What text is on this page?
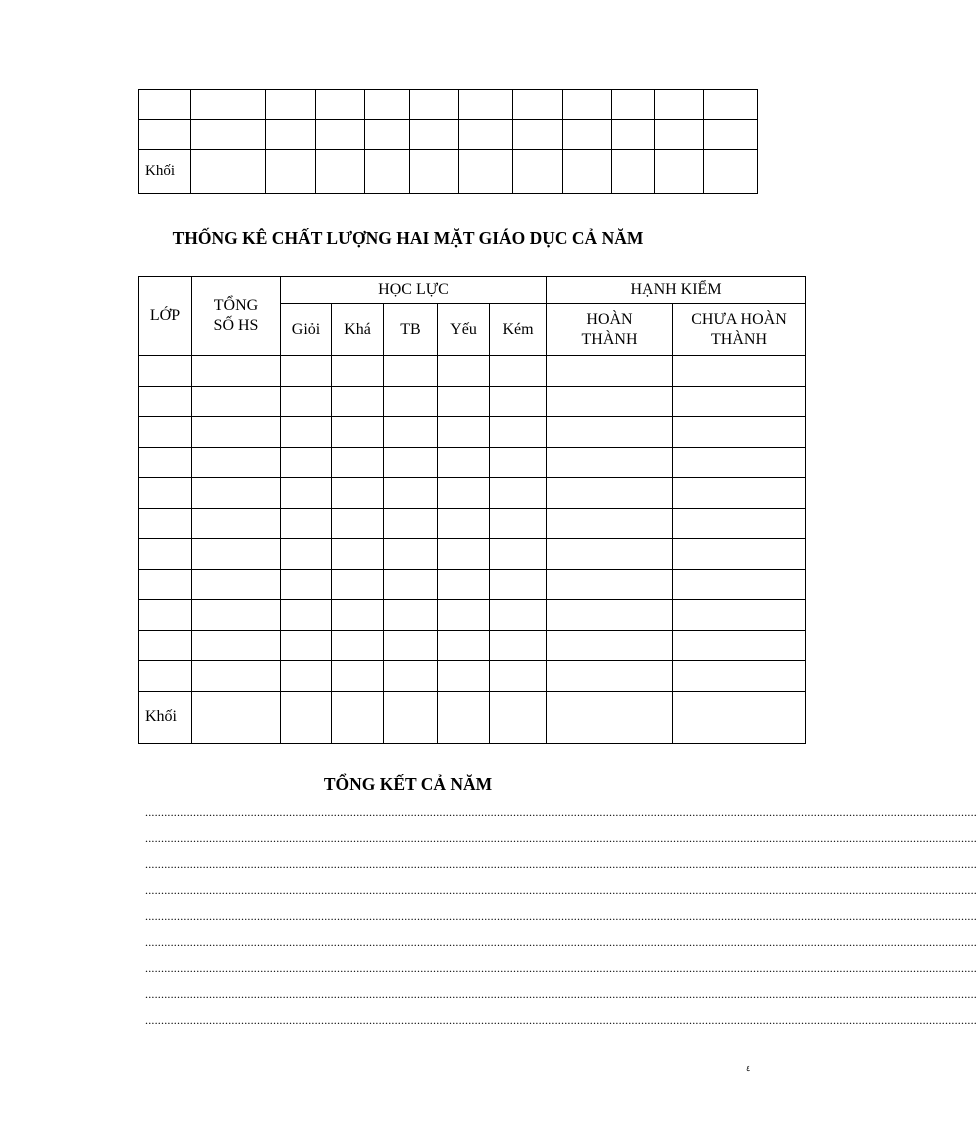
Khối											
THỐNG KÊ CHẤT LƯỢNG HAI MẶT GIÁO DỤC CẢ NĂM
LỚP	TỔNG SỐ HS	HỌC LỰC					HẠNH KIỂM	
		Giỏi	Khá	TB	Yếu	Kém	HOÀN THÀNH	CHƯA HOÀN THÀNH

Khối								
TỔNG KẾT CẢ NĂM
....................................................................................................................................................................................................................................................................
....................................................................................................................................................................................................................................................................
....................................................................................................................................................................................................................................................................
....................................................................................................................................................................................................................................................................
....................................................................................................................................................................................................................................................................
....................................................................................................................................................................................................................................................................
....................................................................................................................................................................................................................................................................
....................................................................................................................................................................................................................................................................
....................................................................................................................................................................................................................................................................
٤
